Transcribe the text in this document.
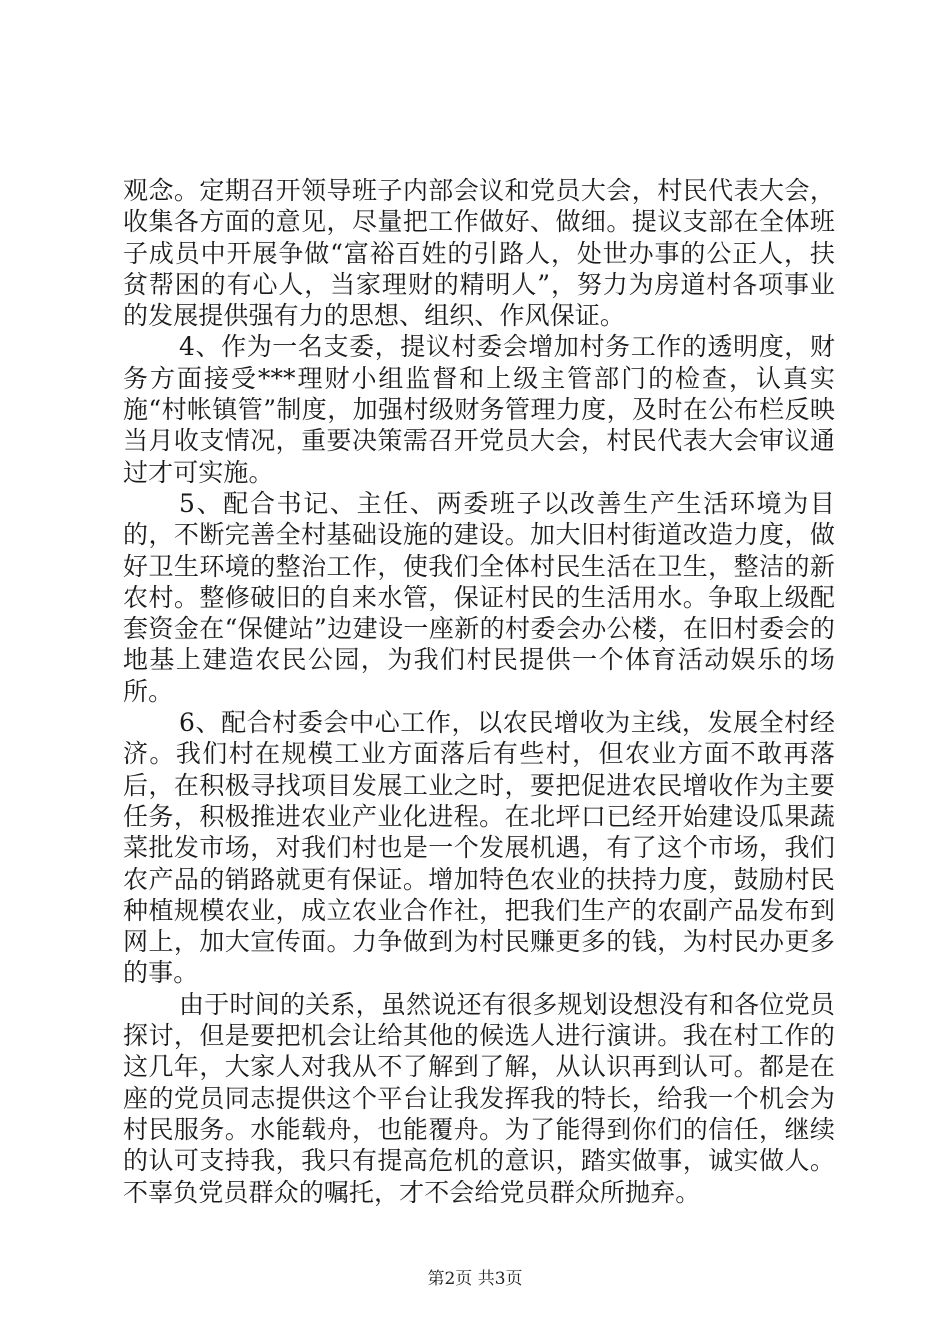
观念。定期召开领导班子内部会议和党员大会，村民代表大会，收集各方面的意见，尽量把工作做好、做细。提议支部在全体班子成员中开展争做“富裕百姓的引路人，处世办事的公正人，扶贫帮困的有心人，当家理财的精明人”，努力为房道村各项事业的发展提供强有力的思想、组织、作风保证。

4、作为一名支委，提议村委会增加村务工作的透明度，财务方面接受***理财小组监督和上级主管部门的检查，认真实施“村帐镇管”制度，加强村级财务管理力度，及时在公布栏反映当月收支情况，重要决策需召开党员大会，村民代表大会审议通过才可实施。

5、配合书记、主任、两委班子以改善生产生活环境为目的，不断完善全村基础设施的建设。加大旧村街道改造力度，做好卫生环境的整治工作，使我们全体村民生活在卫生，整洁的新农村。整修破旧的自来水管，保证村民的生活用水。争取上级配套资金在“保健站”边建设一座新的村委会办公楼，在旧村委会的地基上建造农民公园，为我们村民提供一个体育活动娱乐的场所。

6、配合村委会中心工作，以农民增收为主线，发展全村经济。我们村在规模工业方面落后有些村，但农业方面不敢再落后，在积极寻找项目发展工业之时，要把促进农民增收作为主要任务，积极推进农业产业化进程。在北坪口已经开始建设瓜果蔬菜批发市场，对我们村也是一个发展机遇，有了这个市场，我们农产品的销路就更有保证。增加特色农业的扶持力度，鼓励村民种植规模农业，成立农业合作社，把我们生产的农副产品发布到网上，加大宣传面。力争做到为村民赚更多的钱，为村民办更多的事。

由于时间的关系，虽然说还有很多规划设想没有和各位党员探讨，但是要把机会让给其他的候选人进行演讲。我在村工作的这几年，大家人对我从不了解到了解，从认识再到认可。都是在座的党员同志提供这个平台让我发挥我的特长，给我一个机会为村民服务。水能载舟，也能覆舟。为了能得到你们的信任，继续的认可支持我，我只有提高危机的意识，踏实做事，诚实做人。不辜负党员群众的嘱托，才不会给党员群众所抛弃。

第2页 共3页
